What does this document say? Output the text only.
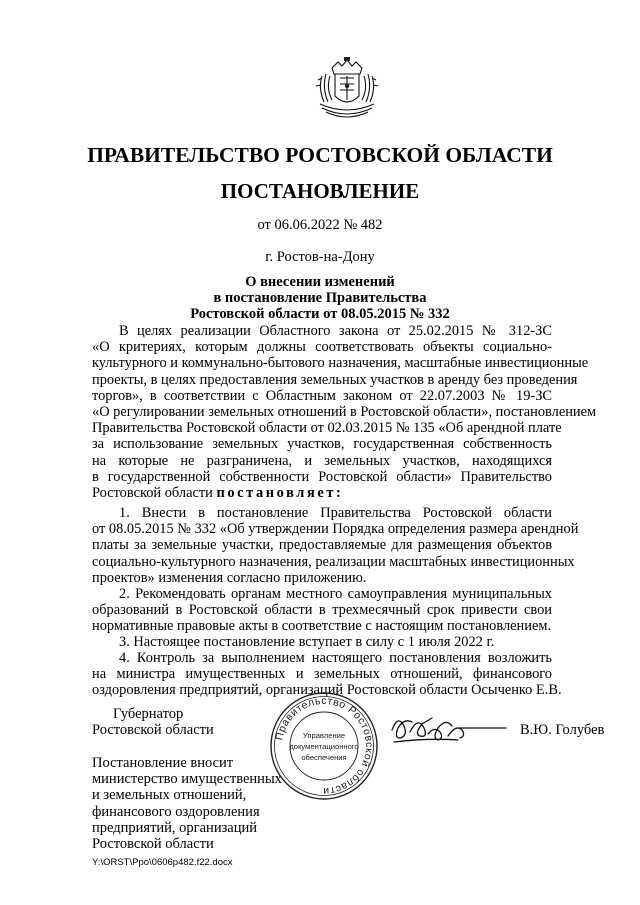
ПРАВИТЕЛЬСТВО РОСТОВСКОЙ ОБЛАСТИ
ПОСТАНОВЛЕНИЕ
от 06.06.2022 № 482
г. Ростов-на-Дону
О внесении изменений
в постановление Правительства
Ростовской области от 08.05.2015 № 332
В целях реализации Областного закона от 25.02.2015 № 312-ЗС
«О критериях, которым должны соответствовать объекты социально-
культурного и коммунально-бытового назначения, масштабные инвестиционные
проекты, в целях предоставления земельных участков в аренду без проведения
торгов», в соответствии с Областным законом от 22.07.2003 № 19-ЗС
«О регулировании земельных отношений в Ростовской области», постановлением
Правительства Ростовской области от 02.03.2015 № 135 «Об арендной плате
за использование земельных участков, государственная собственность
на которые не разграничена, и земельных участков, находящихся
в государственной собственности Ростовской области» Правительство
Ростовской области постановляет:
1. Внести в постановление Правительства Ростовской области
от 08.05.2015 № 332 «Об утверждении Порядка определения размера арендной
платы за земельные участки, предоставляемые для размещения объектов
социально-культурного назначения, реализации масштабных инвестиционных
проектов» изменения согласно приложению.
2. Рекомендовать органам местного самоуправления муниципальных
образований в Ростовской области в трехмесячный срок привести свои
нормативные правовые акты в соответствие с настоящим постановлением.
3. Настоящее постановление вступает в силу с 1 июля 2022 г.
4. Контроль за выполнением настоящего постановления возложить
на министра имущественных и земельных отношений, финансового
оздоровления предприятий, организаций Ростовской области Осыченко Е.В.
Губернатор
Ростовской области	В.Ю. Голубев
Постановление вносит
министерство имущественных
и земельных отношений,
финансового оздоровления
предприятий, организаций
Ростовской области
Правительство Ростовской области
Управление
документационного
обеспечения
Y:\ORST\Ppo\0606p482.f22.docx
